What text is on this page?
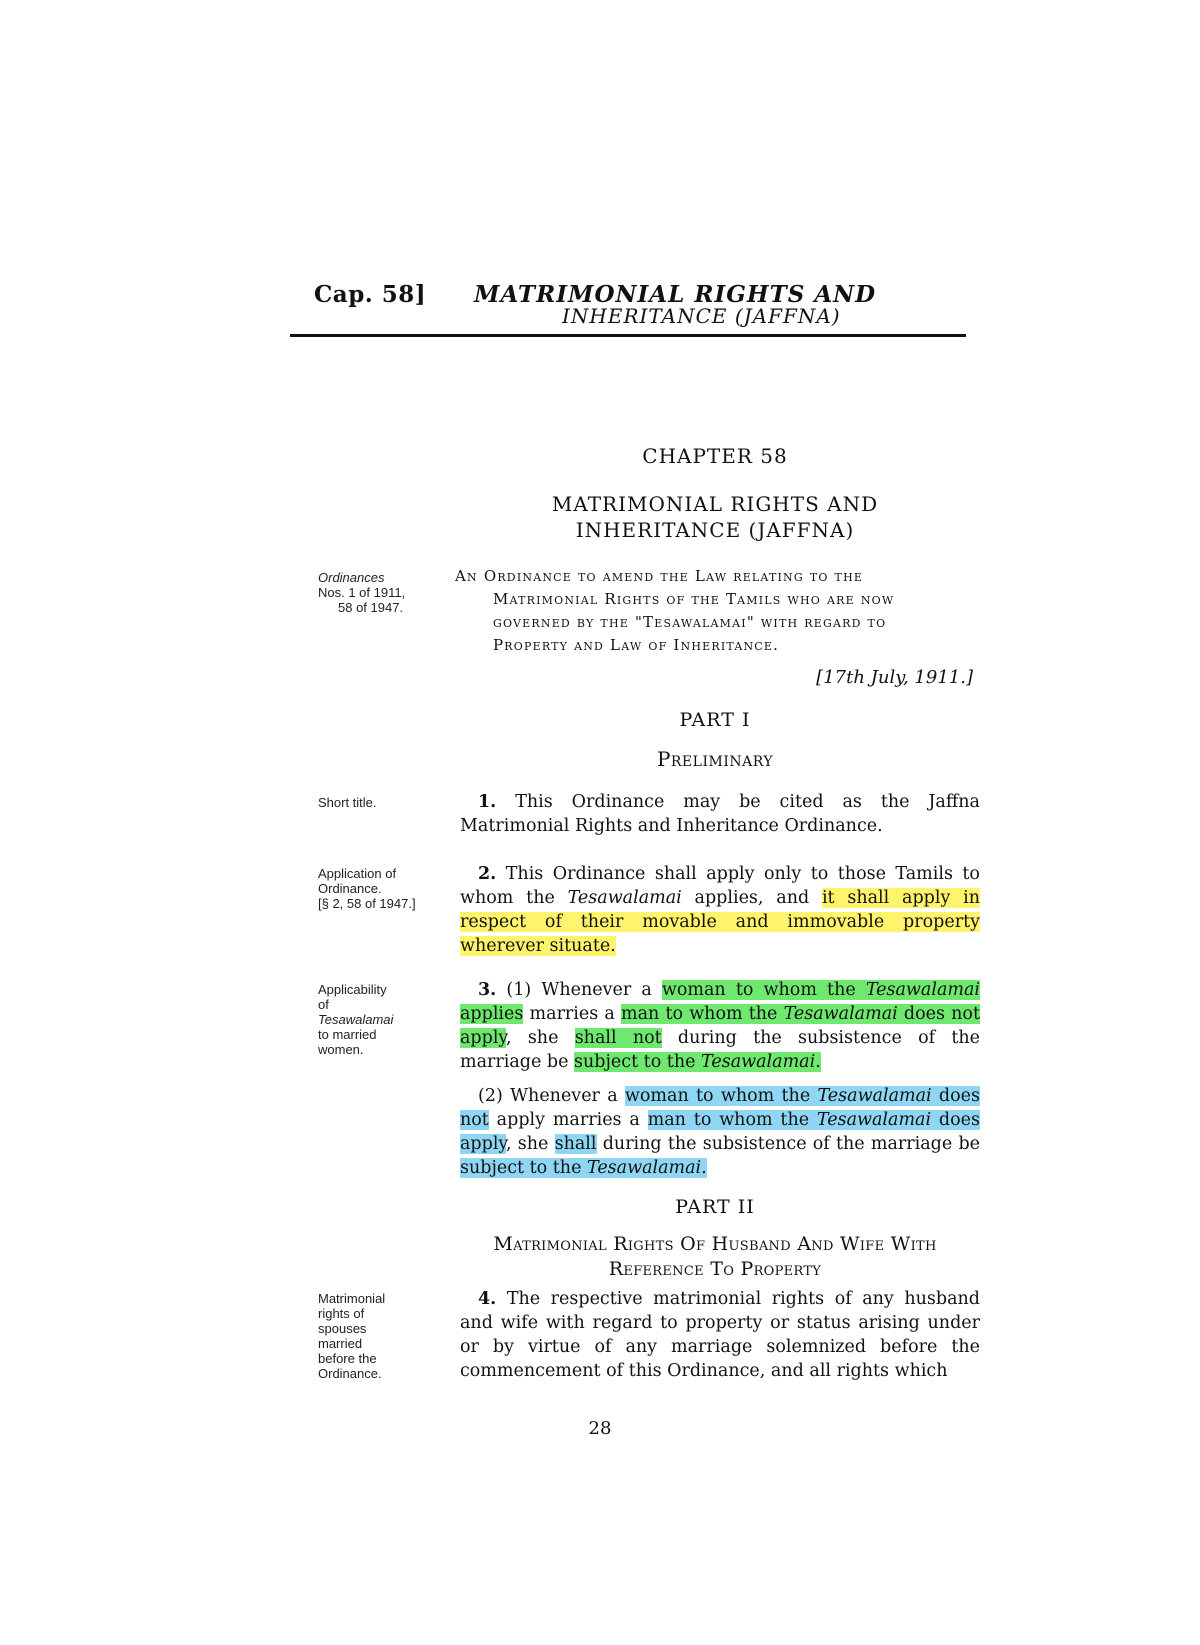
Cap. 58] MATRIMONIAL RIGHTS AND
INHERITANCE (JAFFNA)
CHAPTER 58
MATRIMONIAL RIGHTS AND
INHERITANCE (JAFFNA)
Ordinances
Nos. 1 of 1911,
58 of 1947.
An Ordinance to amend the Law relating to the
Matrimonial Rights of the Tamils who are now
governed by the "Tesawalamai" with regard to
Property and Law of Inheritance.
[17th July, 1911.]
PART I
Preliminary
Short title.	1. This Ordinance may be cited as the Jaffna Matrimonial Rights and Inheritance Ordinance.
Application of
Ordinance.
[§ 2, 58 of 1947.]
2. This Ordinance shall apply only to those Tamils to whom the Tesawalamai applies, and it shall apply in respect of their movable and immovable property wherever situate.
Applicability
of
Tesawalamai
to married
women.
3. (1) Whenever a woman to whom the Tesawalamai applies marries a man to whom the Tesawalamai does not apply, she shall not during the subsistence of the marriage be subject to the Tesawalamai.
(2) Whenever a woman to whom the Tesawalamai does not apply marries a man to whom the Tesawalamai does apply, she shall during the subsistence of the marriage be subject to the Tesawalamai.
PART II
Matrimonial Rights Of Husband And Wife With
Reference To Property
Matrimonial
rights of
spouses
married
before the
Ordinance.
4. The respective matrimonial rights of any husband and wife with regard to property or status arising under or by virtue of any marriage solemnized before the commencement of this Ordinance, and all rights which
28
